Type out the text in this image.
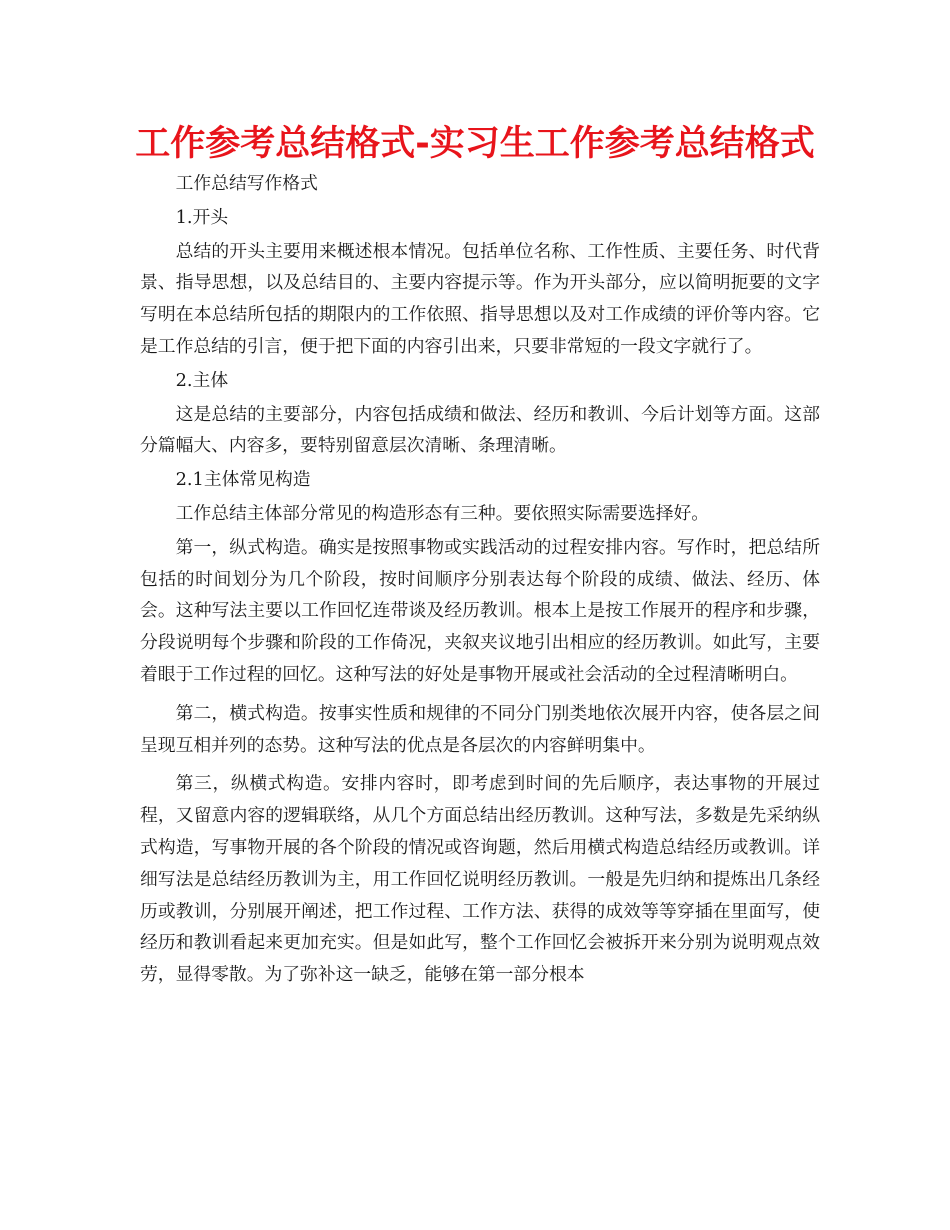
工作参考总结格式-实习生工作参考总结格式

工作总结写作格式

1.开头

总结的开头主要用来概述根本情况。包括单位名称、工作性质、主要任务、时代背景、指导思想，以及总结目的、主要内容提示等。作为开头部分，应以简明扼要的文字写明在本总结所包括的期限内的工作依照、指导思想以及对工作成绩的评价等内容。它是工作总结的引言，便于把下面的内容引出来，只要非常短的一段文字就行了。

2.主体

这是总结的主要部分，内容包括成绩和做法、经历和教训、今后计划等方面。这部分篇幅大、内容多，要特别留意层次清晰、条理清晰。

2.1主体常见构造

工作总结主体部分常见的构造形态有三种。要依照实际需要选择好。

第一，纵式构造。确实是按照事物或实践活动的过程安排内容。写作时，把总结所包括的时间划分为几个阶段，按时间顺序分别表达每个阶段的成绩、做法、经历、体会。这种写法主要以工作回忆连带谈及经历教训。根本上是按工作展开的程序和步骤，分段说明每个步骤和阶段的工作倚况，夹叙夹议地引出相应的经历教训。如此写，主要着眼于工作过程的回忆。这种写法的好处是事物开展或社会活动的全过程清晰明白。

第二，横式构造。按事实性质和规律的不同分门别类地依次展开内容，使各层之间呈现互相并列的态势。这种写法的优点是各层次的内容鲜明集中。

第三，纵横式构造。安排内容时，即考虑到时间的先后顺序，表达事物的开展过程，又留意内容的逻辑联络，从几个方面总结出经历教训。这种写法，多数是先采纳纵式构造，写事物开展的各个阶段的情况或咨询题，然后用横式构造总结经历或教训。详细写法是总结经历教训为主，用工作回忆说明经历教训。一般是先归纳和提炼出几条经历或教训，分别展开阐述，把工作过程、工作方法、获得的成效等等穿插在里面写，使经历和教训看起来更加充实。但是如此写，整个工作回忆会被拆开来分别为说明观点效劳，显得零散。为了弥补这一缺乏，能够在第一部分根本
